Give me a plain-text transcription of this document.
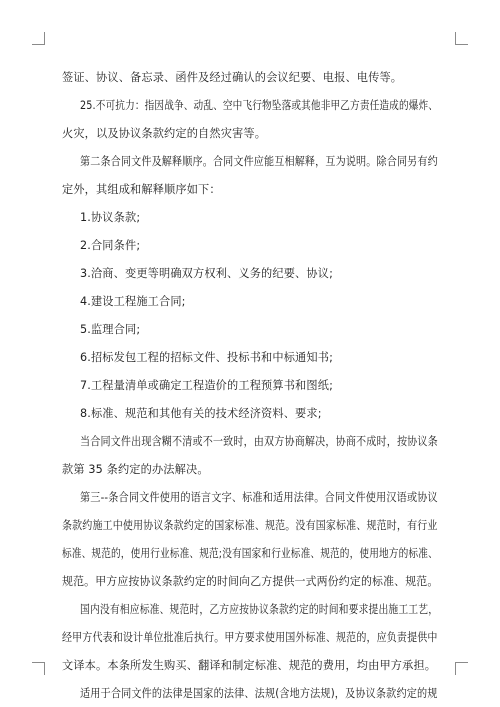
签证、协议、备忘录、函件及经过确认的会议纪要、电报、电传等。
25.不可抗力：指因战争、动乱、空中飞行物坠落或其他非甲乙方责任造成的爆炸、
火灾，以及协议条款约定的自然灾害等。
第二条合同文件及解释顺序。合同文件应能互相解释，互为说明。除合同另有约
定外，其组成和解释顺序如下：
1.协议条款;
2.合同条件;
3.洽商、变更等明确双方权利、义务的纪要、协议;
4.建设工程施工合同;
5.监理合同;
6.招标发包工程的招标文件、投标书和中标通知书;
7.工程量清单或确定工程造价的工程预算书和图纸;
8.标准、规范和其他有关的技术经济资料、要求;
当合同文件出现含糊不清或不一致时，由双方协商解决，协商不成时，按协议条
款第 35 条约定的办法解决。
第三--条合同文件使用的语言文字、标准和适用法律。合同文件使用汉语或协议
条款约施工中使用协议条款约定的国家标准、规范。没有国家标准、规范时，有行业
标准、规范的，使用行业标准、规范;没有国家和行业标准、规范的，使用地方的标准、
规范。甲方应按协议条款约定的时间向乙方提供一式两份约定的标准、规范。
国内没有相应标准、规范时，乙方应按协议条款约定的时间和要求提出施工工艺，
经甲方代表和设计单位批准后执行。甲方要求使用国外标准、规范的，应负责提供中
文译本。本条所发生购买、翻译和制定标准、规范的费用，均由甲方承担。
适用于合同文件的法律是国家的法律、法规(含地方法规)，及协议条款约定的规
